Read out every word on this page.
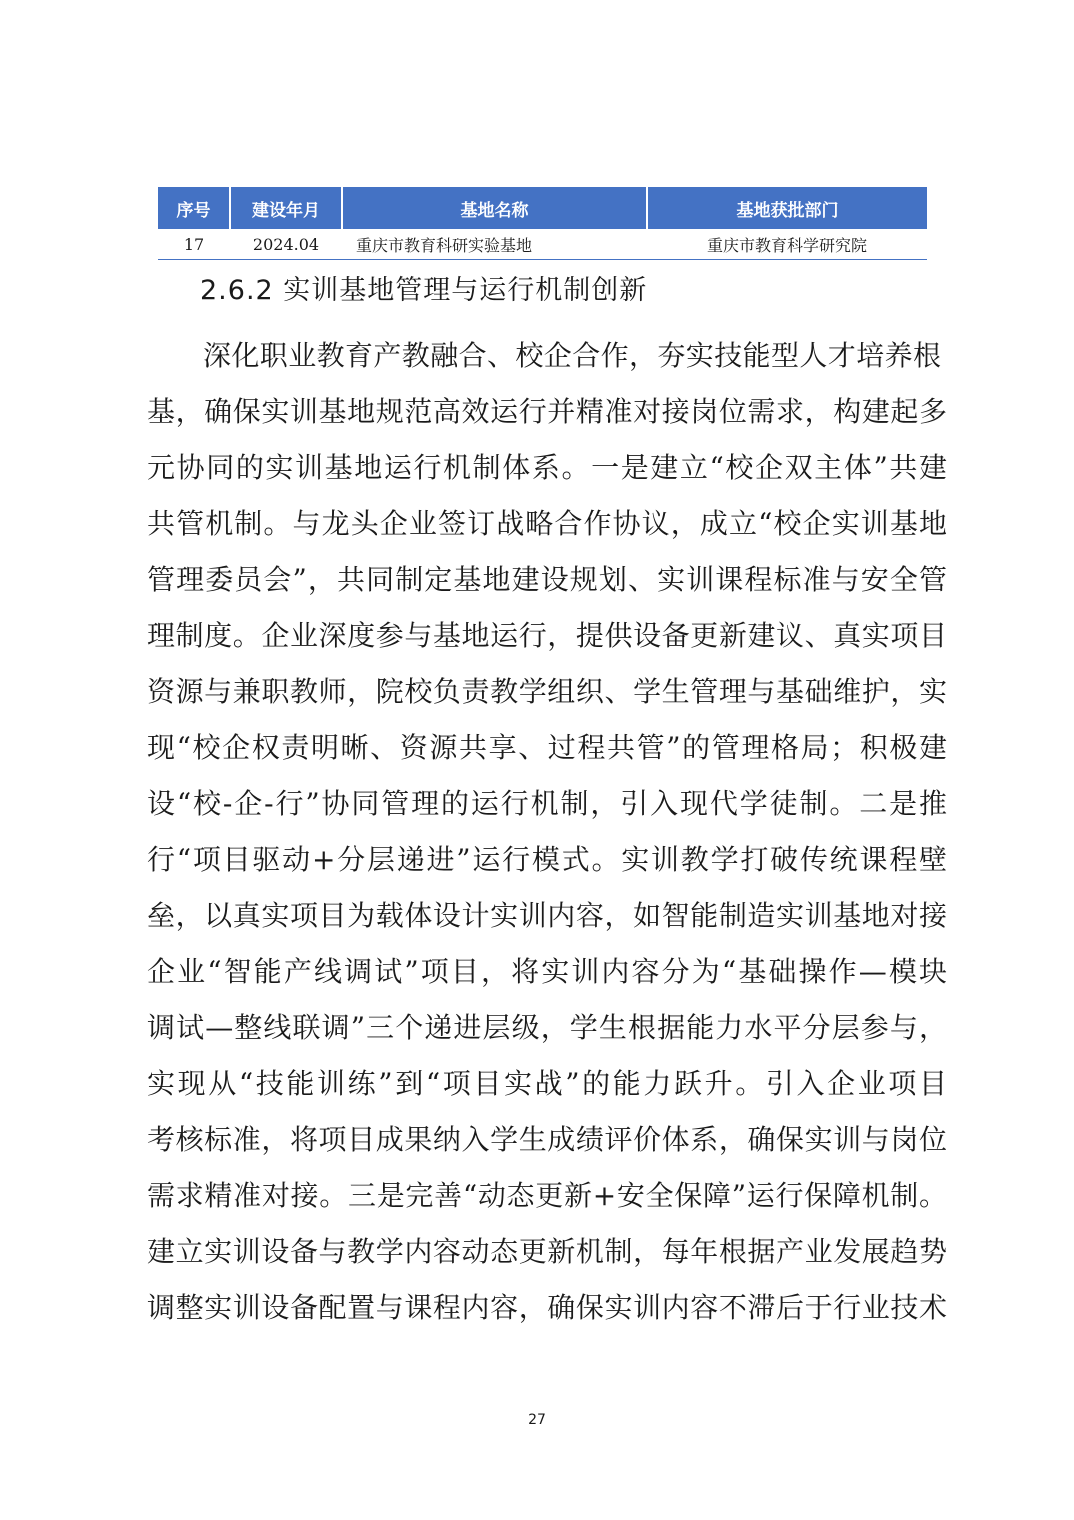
序号	建设年月	基地名称	基地获批部门
17	2024.04	重庆市教育科研实验基地	重庆市教育科学研究院
2.6.2 实训基地管理与运行机制创新
深化职业教育产教融合、校企合作，夯实技能型人才培养根
基，确保实训基地规范高效运行并精准对接岗位需求，构建起多
元协同的实训基地运行机制体系。一是建立“校企双主体”共建
共管机制。与龙头企业签订战略合作协议，成立“校企实训基地
管理委员会”，共同制定基地建设规划、实训课程标准与安全管
理制度。企业深度参与基地运行，提供设备更新建议、真实项目
资源与兼职教师，院校负责教学组织、学生管理与基础维护，实
现“校企权责明晰、资源共享、过程共管”的管理格局；积极建
设“校-企-行”协同管理的运行机制，引入现代学徒制。二是推
行“项目驱动+分层递进”运行模式。实训教学打破传统课程壁
垒，以真实项目为载体设计实训内容，如智能制造实训基地对接
企业“智能产线调试”项目，将实训内容分为“基础操作—模块
调试—整线联调”三个递进层级，学生根据能力水平分层参与，
实现从“技能训练”到“项目实战”的能力跃升。引入企业项目
考核标准，将项目成果纳入学生成绩评价体系，确保实训与岗位
需求精准对接。三是完善“动态更新+安全保障”运行保障机制。
建立实训设备与教学内容动态更新机制，每年根据产业发展趋势
调整实训设备配置与课程内容，确保实训内容不滞后于行业技术
27
